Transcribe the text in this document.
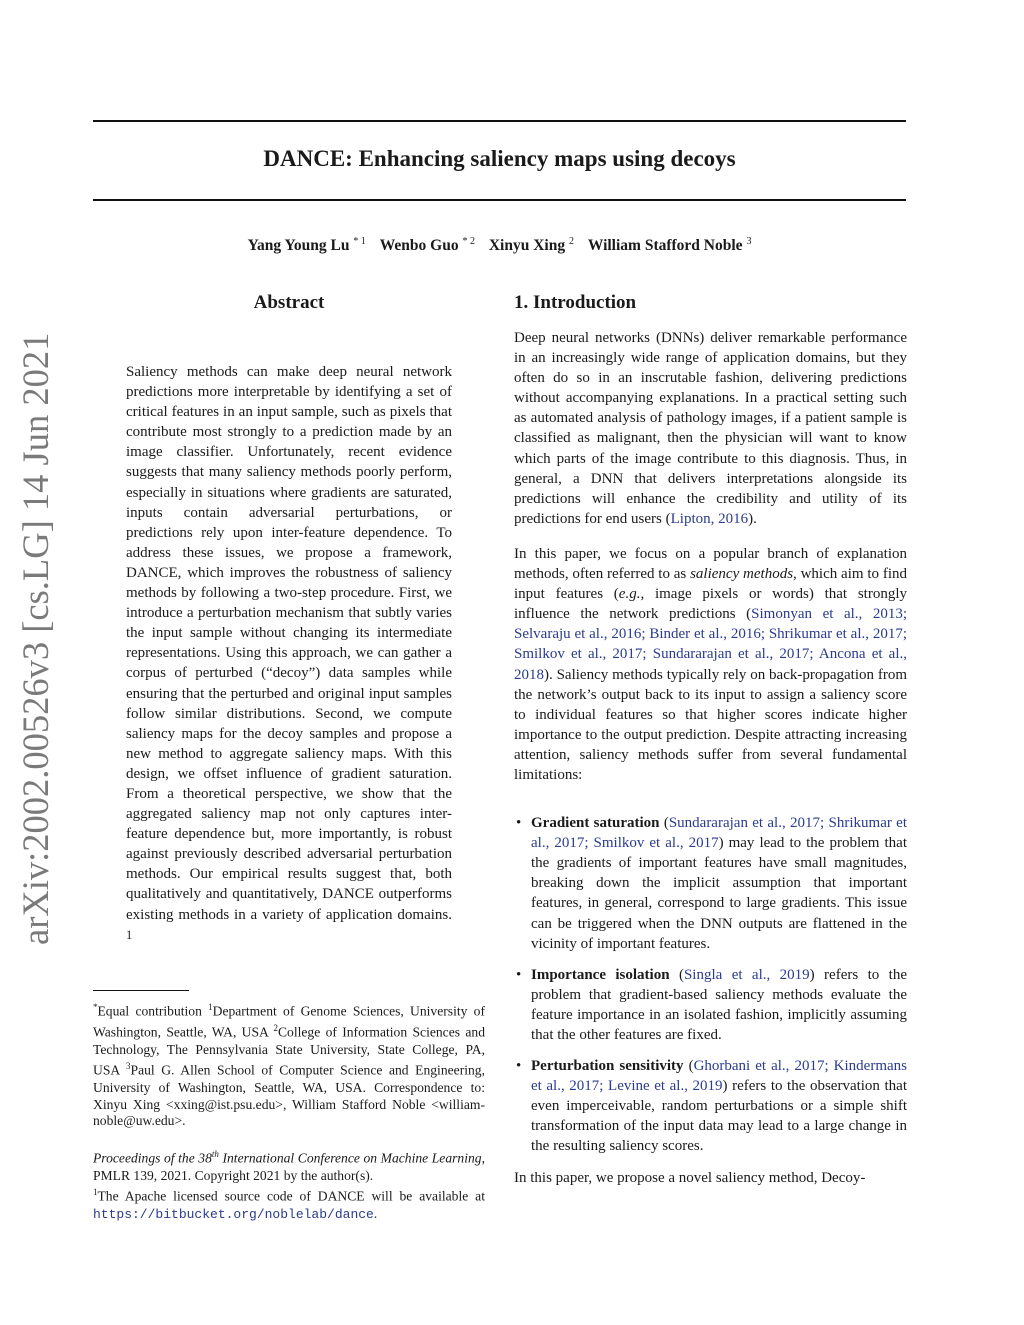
DANCE: Enhancing saliency maps using decoys
Yang Young Lu $^{* 1}$ Wenbo Guo $^{* 2}$ Xinyu Xing $^2$ William Stafford Noble $^3$
arXiv:2002.00526v3 [cs.LG] 14 Jun 2021
Abstract

Saliency methods can make deep neural network predictions more interpretable by identifying a set of critical features in an input sample, such as pixels that contribute most strongly to a prediction made by an image classifier. Unfortunately, recent evidence suggests that many saliency methods poorly perform, especially in situations where gradients are saturated, inputs contain adversarial perturbations, or predictions rely upon inter-feature dependence. To address these issues, we propose a framework, DANCE, which improves the robustness of saliency methods by following a two-step procedure. First, we introduce a perturbation mechanism that subtly varies the input sample without changing its intermediate representations. Using this approach, we can gather a corpus of perturbed (“decoy”) data samples while ensuring that the perturbed and original input samples follow similar distributions. Second, we compute saliency maps for the decoy samples and propose a new method to aggregate saliency maps. With this design, we offset influence of gradient saturation. From a theoretical perspective, we show that the aggregated saliency map not only captures inter-feature dependence but, more importantly, is robust against previously described adversarial perturbation methods. Our empirical results suggest that, both qualitatively and quantitatively, DANCE outperforms existing methods in a variety of application domains. $^1$

1. Introduction

Deep neural networks (DNNs) deliver remarkable performance in an increasingly wide range of application domains, but they often do so in an inscrutable fashion, delivering predictions without accompanying explanations. In a practical setting such as automated analysis of pathology images, if a patient sample is classified as malignant, then the physician will want to know which parts of the image contribute to this diagnosis. Thus, in general, a DNN that delivers interpretations alongside its predictions will enhance the credibility and utility of its predictions for end users (Lipton, 2016).

In this paper, we focus on a popular branch of explanation methods, often referred to as saliency methods, which aim to find input features (e.g., image pixels or words) that strongly influence the network predictions (Simonyan et al., 2013; Selvaraju et al., 2016; Binder et al., 2016; Shrikumar et al., 2017; Smilkov et al., 2017; Sundararajan et al., 2017; Ancona et al., 2018). Saliency methods typically rely on back-propagation from the network’s output back to its input to assign a saliency score to individual features so that higher scores indicate higher importance to the output prediction. Despite attracting increasing attention, saliency methods suffer from several fundamental limitations:

• Gradient saturation (Sundararajan et al., 2017; Shrikumar et al., 2017; Smilkov et al., 2017) may lead to the problem that the gradients of important features have small magnitudes, breaking down the implicit assumption that important features, in general, correspond to large gradients. This issue can be triggered when the DNN outputs are flattened in the vicinity of important features.
• Importance isolation (Singla et al., 2019) refers to the problem that gradient-based saliency methods evaluate the feature importance in an isolated fashion, implicitly assuming that the other features are fixed.
• Perturbation sensitivity (Ghorbani et al., 2017; Kindermans et al., 2017; Levine et al., 2019) refers to the observation that even imperceivable, random perturbations or a simple shift transformation of the input data may lead to a large change in the resulting saliency scores.

In this paper, we propose a novel saliency method, Decoy-

*Equal contribution $^1$Department of Genome Sciences, University of Washington, Seattle, WA, USA $^2$College of Information Sciences and Technology, The Pennsylvania State University, State College, PA, USA $^3$Paul G. Allen School of Computer Science and Engineering, University of Washington, Seattle, WA, USA. Correspondence to: Xinyu Xing <xxing@ist.psu.edu>, William Stafford Noble <william-noble@uw.edu>.

Proceedings of the 38th International Conference on Machine Learning, PMLR 139, 2021. Copyright 2021 by the author(s).

$^1$The Apache licensed source code of DANCE will be available at https://bitbucket.org/noblelab/dance.
